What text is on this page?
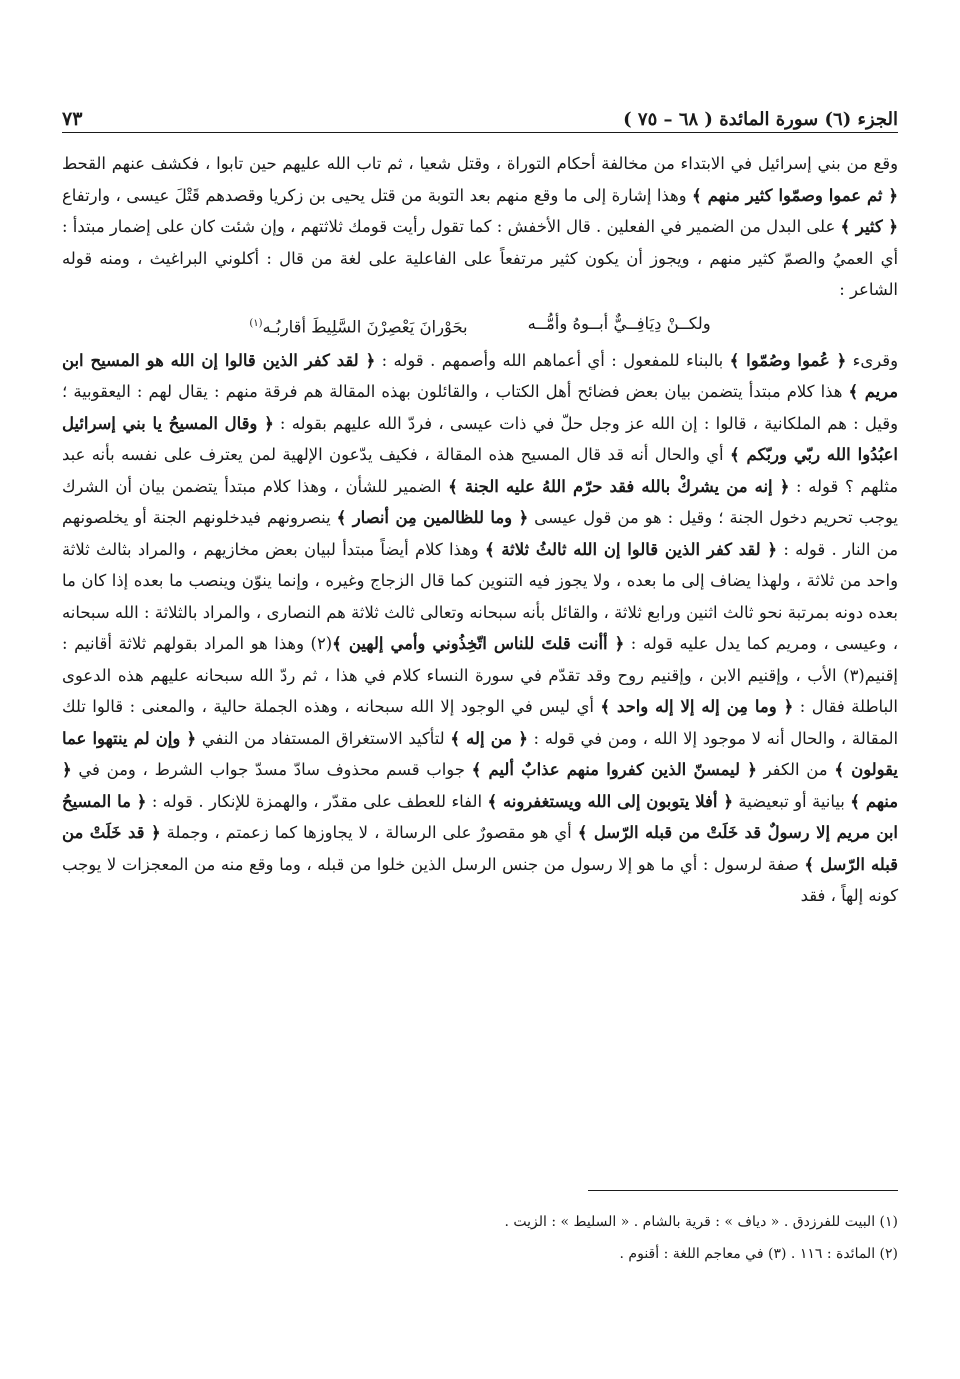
الجزء (٦) سورة المائدة ( ٦٨ – ٧٥ )
٧٣

وقع من بني إسرائيل في الابتداء من مخالفة أحكام التوراة ، وقتل شعيا ، ثم تاب الله عليهم حين تابوا ، فكشف عنهم القحط ﴿ ثم عموا وصمّوا كثير منهم ﴾ وهذا إشارة إلى ما وقع منهم بعد التوبة من قتل يحيى بن زكريا وقصدهم قَتْلَ عيسى ، وارتفاع ﴿ كثير ﴾ على البدل من الضمير في الفعلين . قال الأخفش : كما تقول رأيت قومك ثلاثتهم ، وإن شئت كان على إضمار مبتدأ : أي العميُ والصمّ كثير منهم ، ويجوز أن يكون كثير مرتفعاً على الفاعلية على لغة من قال : أكلوني البراغيث ، ومنه قوله الشاعر :

ولكــنْ دِيَافِــيٌّ أبــوهُ وأمُّــه
بحَوْرانَ يَعْصِرْنَ السَّلِيطَ أقاربُـه$^{(١)}$

وقرىء ﴿ عُموا وصُمّوا ﴾ بالبناء للمفعول : أي أعماهم الله وأصمهم . قوله : ﴿ لقد كفر الذين قالوا إن الله هو المسيح ابن مريم ﴾ هذا كلام مبتدأ يتضمن بيان بعض فضائح أهل الكتاب ، والقائلون بهذه المقالة هم فرقة منهم : يقال لهم : اليعقوبية ؛ وقيل : هم الملكانية ، قالوا : إن الله عز وجل حلّ في ذات عيسى ، فردّ الله عليهم بقوله : ﴿ وقال المسيحُ يا بني إسرائيل اعبُدُوا الله ربّي وربّكم ﴾ أي والحال أنه قد قال المسيح هذه المقالة ، فكيف يدّعون الإلهية لمن يعترف على نفسه بأنه عبد مثلهم ؟ قوله : ﴿ إنه من يشركْ بالله فقد حرّم اللهُ عليه الجنة ﴾ الضمير للشأن ، وهذا كلام مبتدأ يتضمن بيان أن الشرك يوجب تحريم دخول الجنة ؛ وقيل : هو من قول عيسى ﴿ وما للظالمين مِن أنصار ﴾ ينصرونهم فيدخلونهم الجنة أو يخلصونهم من النار . قوله : ﴿ لقد كفر الذين قالوا إن الله ثالثُ ثلاثة ﴾ وهذا كلام أيضاً مبتدأ لبيان بعض مخازيهم ، والمراد بثالث ثلاثة واحد من ثلاثة ، ولهذا يضاف إلى ما بعده ، ولا يجوز فيه التنوين كما قال الزجاج وغيره ، وإنما ينوّن وينصب ما بعده إذا كان ما بعده دونه بمرتبة نحو ثالث اثنين ورابع ثلاثة ، والقائل بأنه سبحانه وتعالى ثالث ثلاثة هم النصارى ، والمراد بالثلاثة : الله سبحانه ، وعيسى ، ومريم كما يدل عليه قوله : ﴿ أأنت قلتَ للناس اتّخِذُوني وأمي إلهين ﴾(٢) وهذا هو المراد بقولهم ثلاثة أقانيم : إقنيم(٣) الأب ، وإقنيم الابن ، وإقنيم روح وقد تقدّم في سورة النساء كلام في هذا ، ثم ردّ الله سبحانه عليهم هذه الدعوى الباطلة فقال : ﴿ وما مِن إله إلا إله واحد ﴾ أي ليس في الوجود إلا الله سبحانه ، وهذه الجملة حالية ، والمعنى : قالوا تلك المقالة ، والحال أنه لا موجود إلا الله ، ومن في قوله : ﴿ من إله ﴾ لتأكيد الاستغراق المستفاد من النفي ﴿ وإن لم ينتهوا عما يقولون ﴾ من الكفر ﴿ ليمسنّ الذين كفروا منهم عذابٌ أليم ﴾ جواب قسم محذوف سادّ مسدّ جواب الشرط ، ومن في ﴿ منهم ﴾ بيانية أو تبعيضية ﴿ أفلا يتوبون إلى الله ويستغفرونه ﴾ الفاء للعطف على مقدّر ، والهمزة للإنكار . قوله : ﴿ ما المسيحُ ابن مريم إلا رسولٌ قد خَلَتْ من قبله الرّسل ﴾ أي هو مقصورٌ على الرسالة ، لا يجاوزها كما زعمتم ، وجملة ﴿ قد خَلَتْ من قبله الرّسل ﴾ صفة لرسول : أي ما هو إلا رسول من جنس الرسل الذين خلوا من قبله ، وما وقع منه من المعجزات لا يوجب كونه إلهاً ، فقد

(١) البيت للفرزدق . « دياف » : قرية بالشام . « السليط » : الزيت .

(٢) المائدة : ١١٦ . (٣) في معاجم اللغة : أقنوم .
